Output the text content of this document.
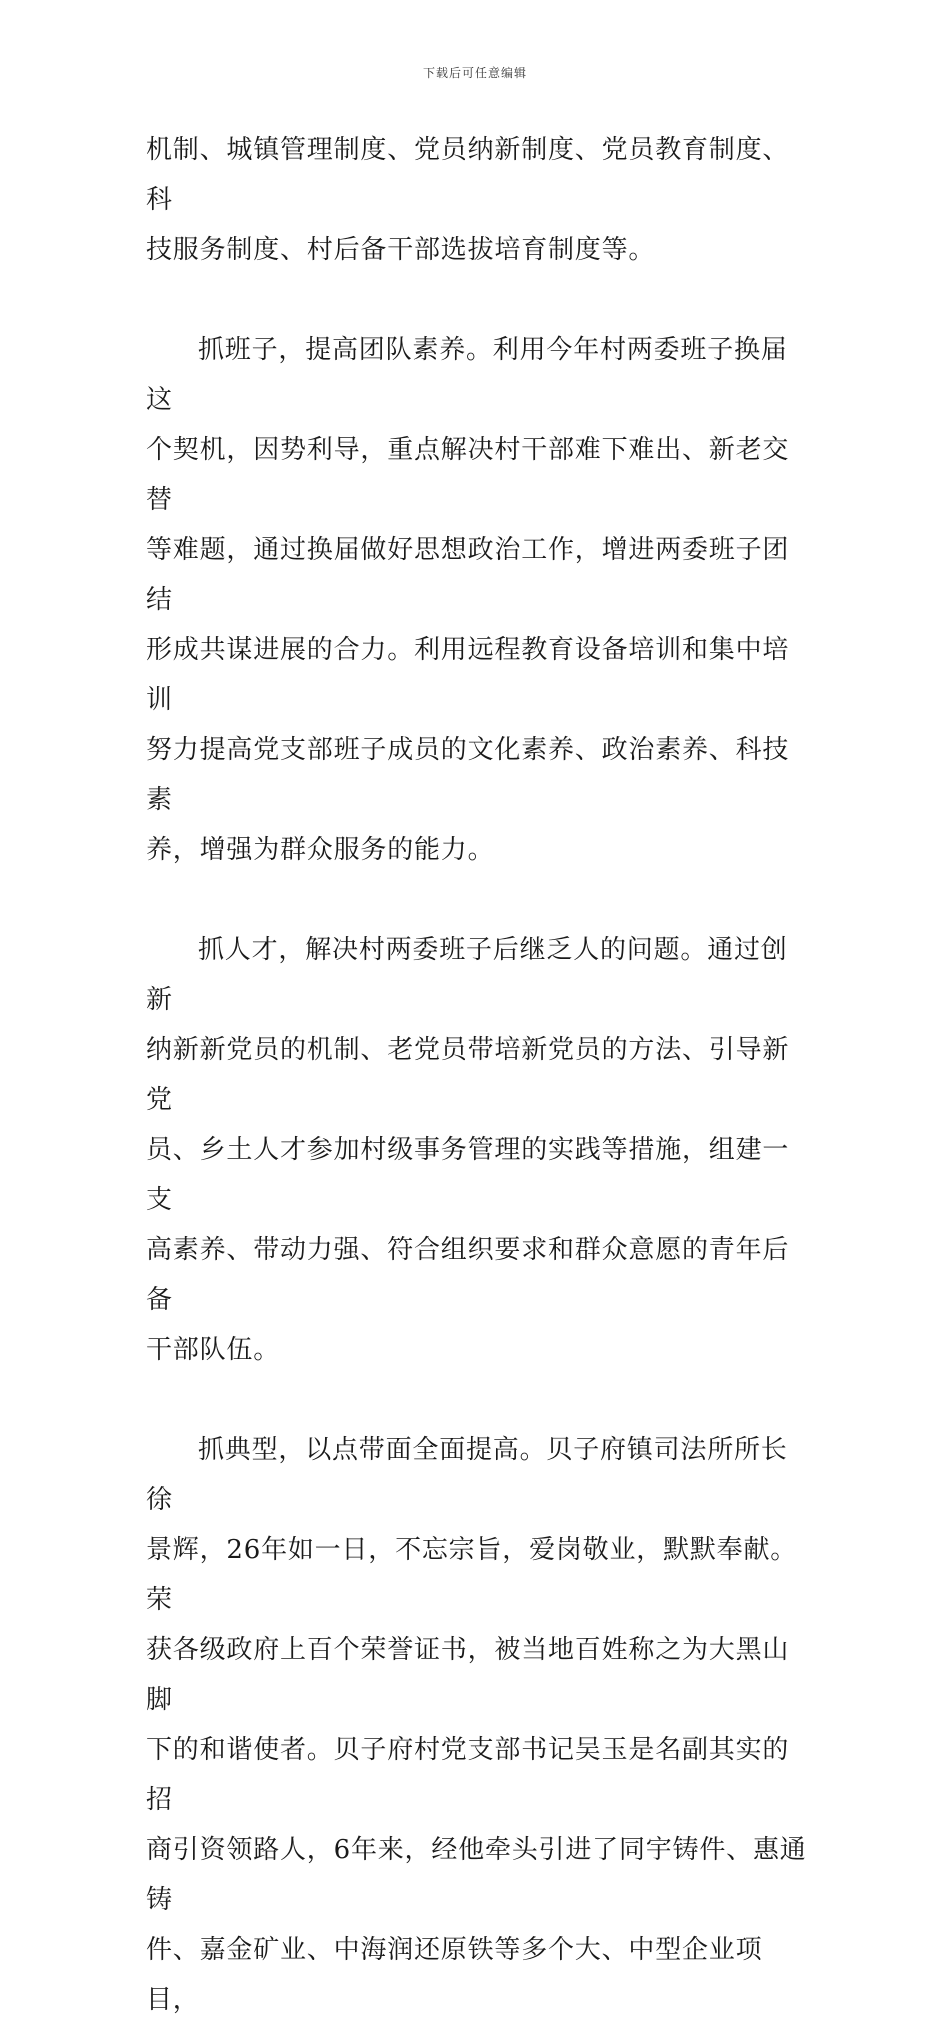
下载后可任意编辑

机制、城镇管理制度、党员纳新制度、党员教育制度、科

技服务制度、村后备干部选拔培育制度等。

抓班子，提高团队素养。利用今年村两委班子换届这

个契机，因势利导，重点解决村干部难下难出、新老交替

等难题，通过换届做好思想政治工作，增进两委班子团结

形成共谋进展的合力。利用远程教育设备培训和集中培训

努力提高党支部班子成员的文化素养、政治素养、科技素

养，增强为群众服务的能力。

抓人才，解决村两委班子后继乏人的问题。通过创新

纳新新党员的机制、老党员带培新党员的方法、引导新党

员、乡土人才参加村级事务管理的实践等措施，组建一支

高素养、带动力强、符合组织要求和群众意愿的青年后备

干部队伍。

抓典型，以点带面全面提高。贝子府镇司法所所长徐

景辉，26年如一日，不忘宗旨，爱岗敬业，默默奉献。荣

获各级政府上百个荣誉证书，被当地百姓称之为大黑山脚

下的和谐使者。贝子府村党支部书记吴玉是名副其实的招

商引资领路人，6年来，经他牵头引进了同宇铸件、惠通铸

件、嘉金矿业、中海润还原铁等多个大、中型企业项目，
